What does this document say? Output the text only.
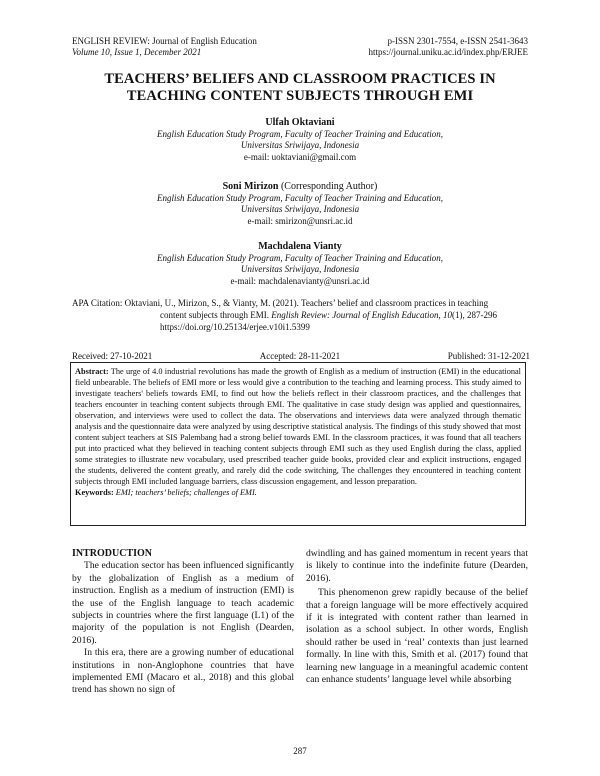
ENGLISH REVIEW: Journal of English Education
Volume 10, Issue 1, December 2021
p-ISSN 2301-7554, e-ISSN 2541-3643
https://journal.uniku.ac.id/index.php/ERJEE
TEACHERS’ BELIEFS AND CLASSROOM PRACTICES IN
TEACHING CONTENT SUBJECTS THROUGH EMI
Ulfah Oktaviani
English Education Study Program, Faculty of Teacher Training and Education,
Universitas Sriwijaya, Indonesia
e-mail: uoktaviani@gmail.com
Soni Mirizon (Corresponding Author)
English Education Study Program, Faculty of Teacher Training and Education,
Universitas Sriwijaya, Indonesia
e-mail: smirizon@unsri.ac.id
Machdalena Vianty
English Education Study Program, Faculty of Teacher Training and Education,
Universitas Sriwijaya, Indonesia
e-mail: machdalenavianty@unsri.ac.id
APA Citation: Oktaviani, U., Mirizon, S., & Vianty, M. (2021). Teachers’ belief and classroom practices in teaching
content subjects through EMI. English Review: Journal of English Education, 10(1), 287-296
https://doi.org/10.25134/erjee.v10i1.5399
Received: 27-10-2021	Accepted: 28-11-2021	Published: 31-12-2021
Abstract: The urge of 4.0 industrial revolutions has made the growth of English as a medium of instruction (EMI) in the educational field unbearable. The beliefs of EMI more or less would give a contribution to the teaching and learning process. This study aimed to investigate teachers' beliefs towards EMI, to find out how the beliefs reflect in their classroom practices, and the challenges that teachers encounter in teaching content subjects through EMI. The qualitative in case study design was applied and questionnaires, observation, and interviews were used to collect the data. The observations and interviews data were analyzed through thematic analysis and the questionnaire data were analyzed by using descriptive statistical analysis. The findings of this study showed that most content subject teachers at SIS Palembang had a strong belief towards EMI. In the classroom practices, it was found that all teachers put into practiced what they believed in teaching content subjects through EMI such as they used English during the class, applied some strategies to illustrate new vocabulary, used prescribed teacher guide books, provided clear and explicit instructions, engaged the students, delivered the content greatly, and rarely did the code switching, The challenges they encountered in teaching content subjects through EMI included language barriers, class discussion engagement, and lesson preparation.
Keywords: EMI; teachers’ beliefs; challenges of EMI.
INTRODUCTION

The education sector has been influenced significantly by the globalization of English as a medium of instruction. English as a medium of instruction (EMI) is the use of the English language to teach academic subjects in countries where the first language (L1) of the majority of the population is not English (Dearden, 2016).

In this era, there are a growing number of educational institutions in non-Anglophone countries that have implemented EMI (Macaro et al., 2018) and this global trend has shown no sign of

dwindling and has gained momentum in recent years that is likely to continue into the indefinite future (Dearden, 2016).

This phenomenon grew rapidly because of the belief that a foreign language will be more effectively acquired if it is integrated with content rather than learned in isolation as a school subject. In other words, English should rather be used in ‘real’ contexts than just learned formally. In line with this, Smith et al. (2017) found that learning new language in a meaningful academic content can enhance students’ language level while absorbing

287
